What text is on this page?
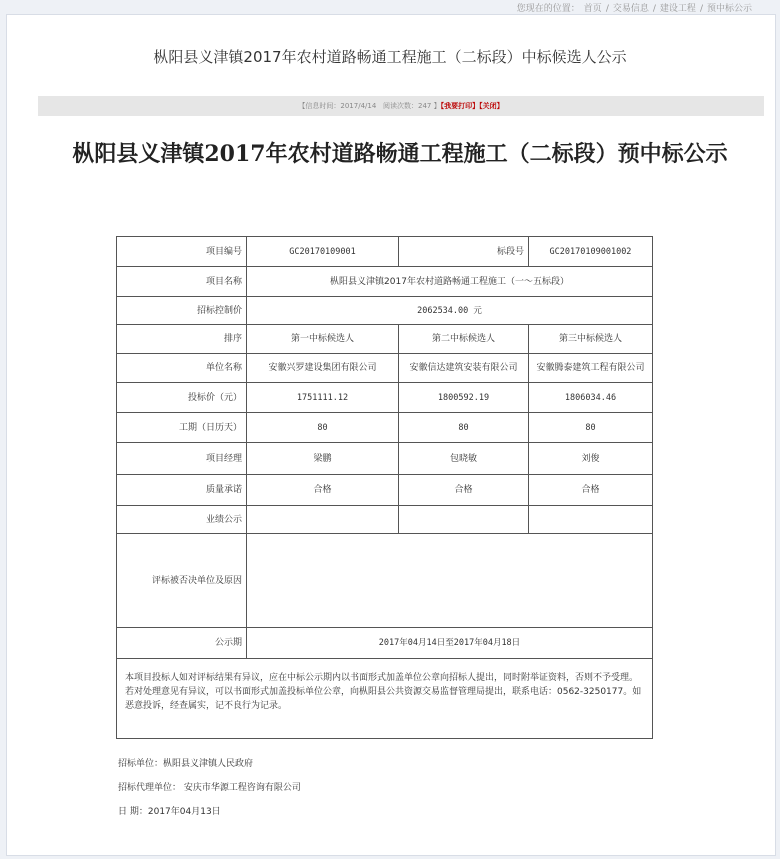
您现在的位置： 首页 / 交易信息 / 建设工程 / 预中标公示
枞阳县义津镇2017年农村道路畅通工程施工（二标段）中标候选人公示
【信息时间：2017/4/14 阅读次数：247 】【我要打印】【关闭】
枞阳县义津镇2017年农村道路畅通工程施工（二标段）预中标公示
项目编号	GC20170109001	标段号	GC20170109001002
项目名称	枞阳县义津镇2017年农村道路畅通工程施工（一～五标段）		
招标控制价	2062534.00 元		
排序	第一中标候选人	第二中标候选人	第三中标候选人
单位名称	安徽兴罗建设集团有限公司	安徽信达建筑安装有限公司	安徽腾泰建筑工程有限公司
投标价（元）	1751111.12	1800592.19	1806034.46
工期（日历天）	80	80	80
项目经理	梁鹏	包晓敏	刘俊
质量承诺	合格	合格	合格
业绩公示			
评标被否决单位及原因			
公示期	2017年04月14日至2017年04月18日		
本项目投标人如对评标结果有异议，应在中标公示期内以书面形式加盖单位公章向招标人提出，同时附举证资料，否则不予受理。若对处理意见有异议，可以书面形式加盖投标单位公章，向枞阳县公共资源交易监督管理局提出，联系电话：0562-3250177。如恶意投诉，经查属实，记不良行为记录。			
招标单位：枞阳县义津镇人民政府
招标代理单位： 安庆市华源工程咨询有限公司
日 期：2017年04月13日
